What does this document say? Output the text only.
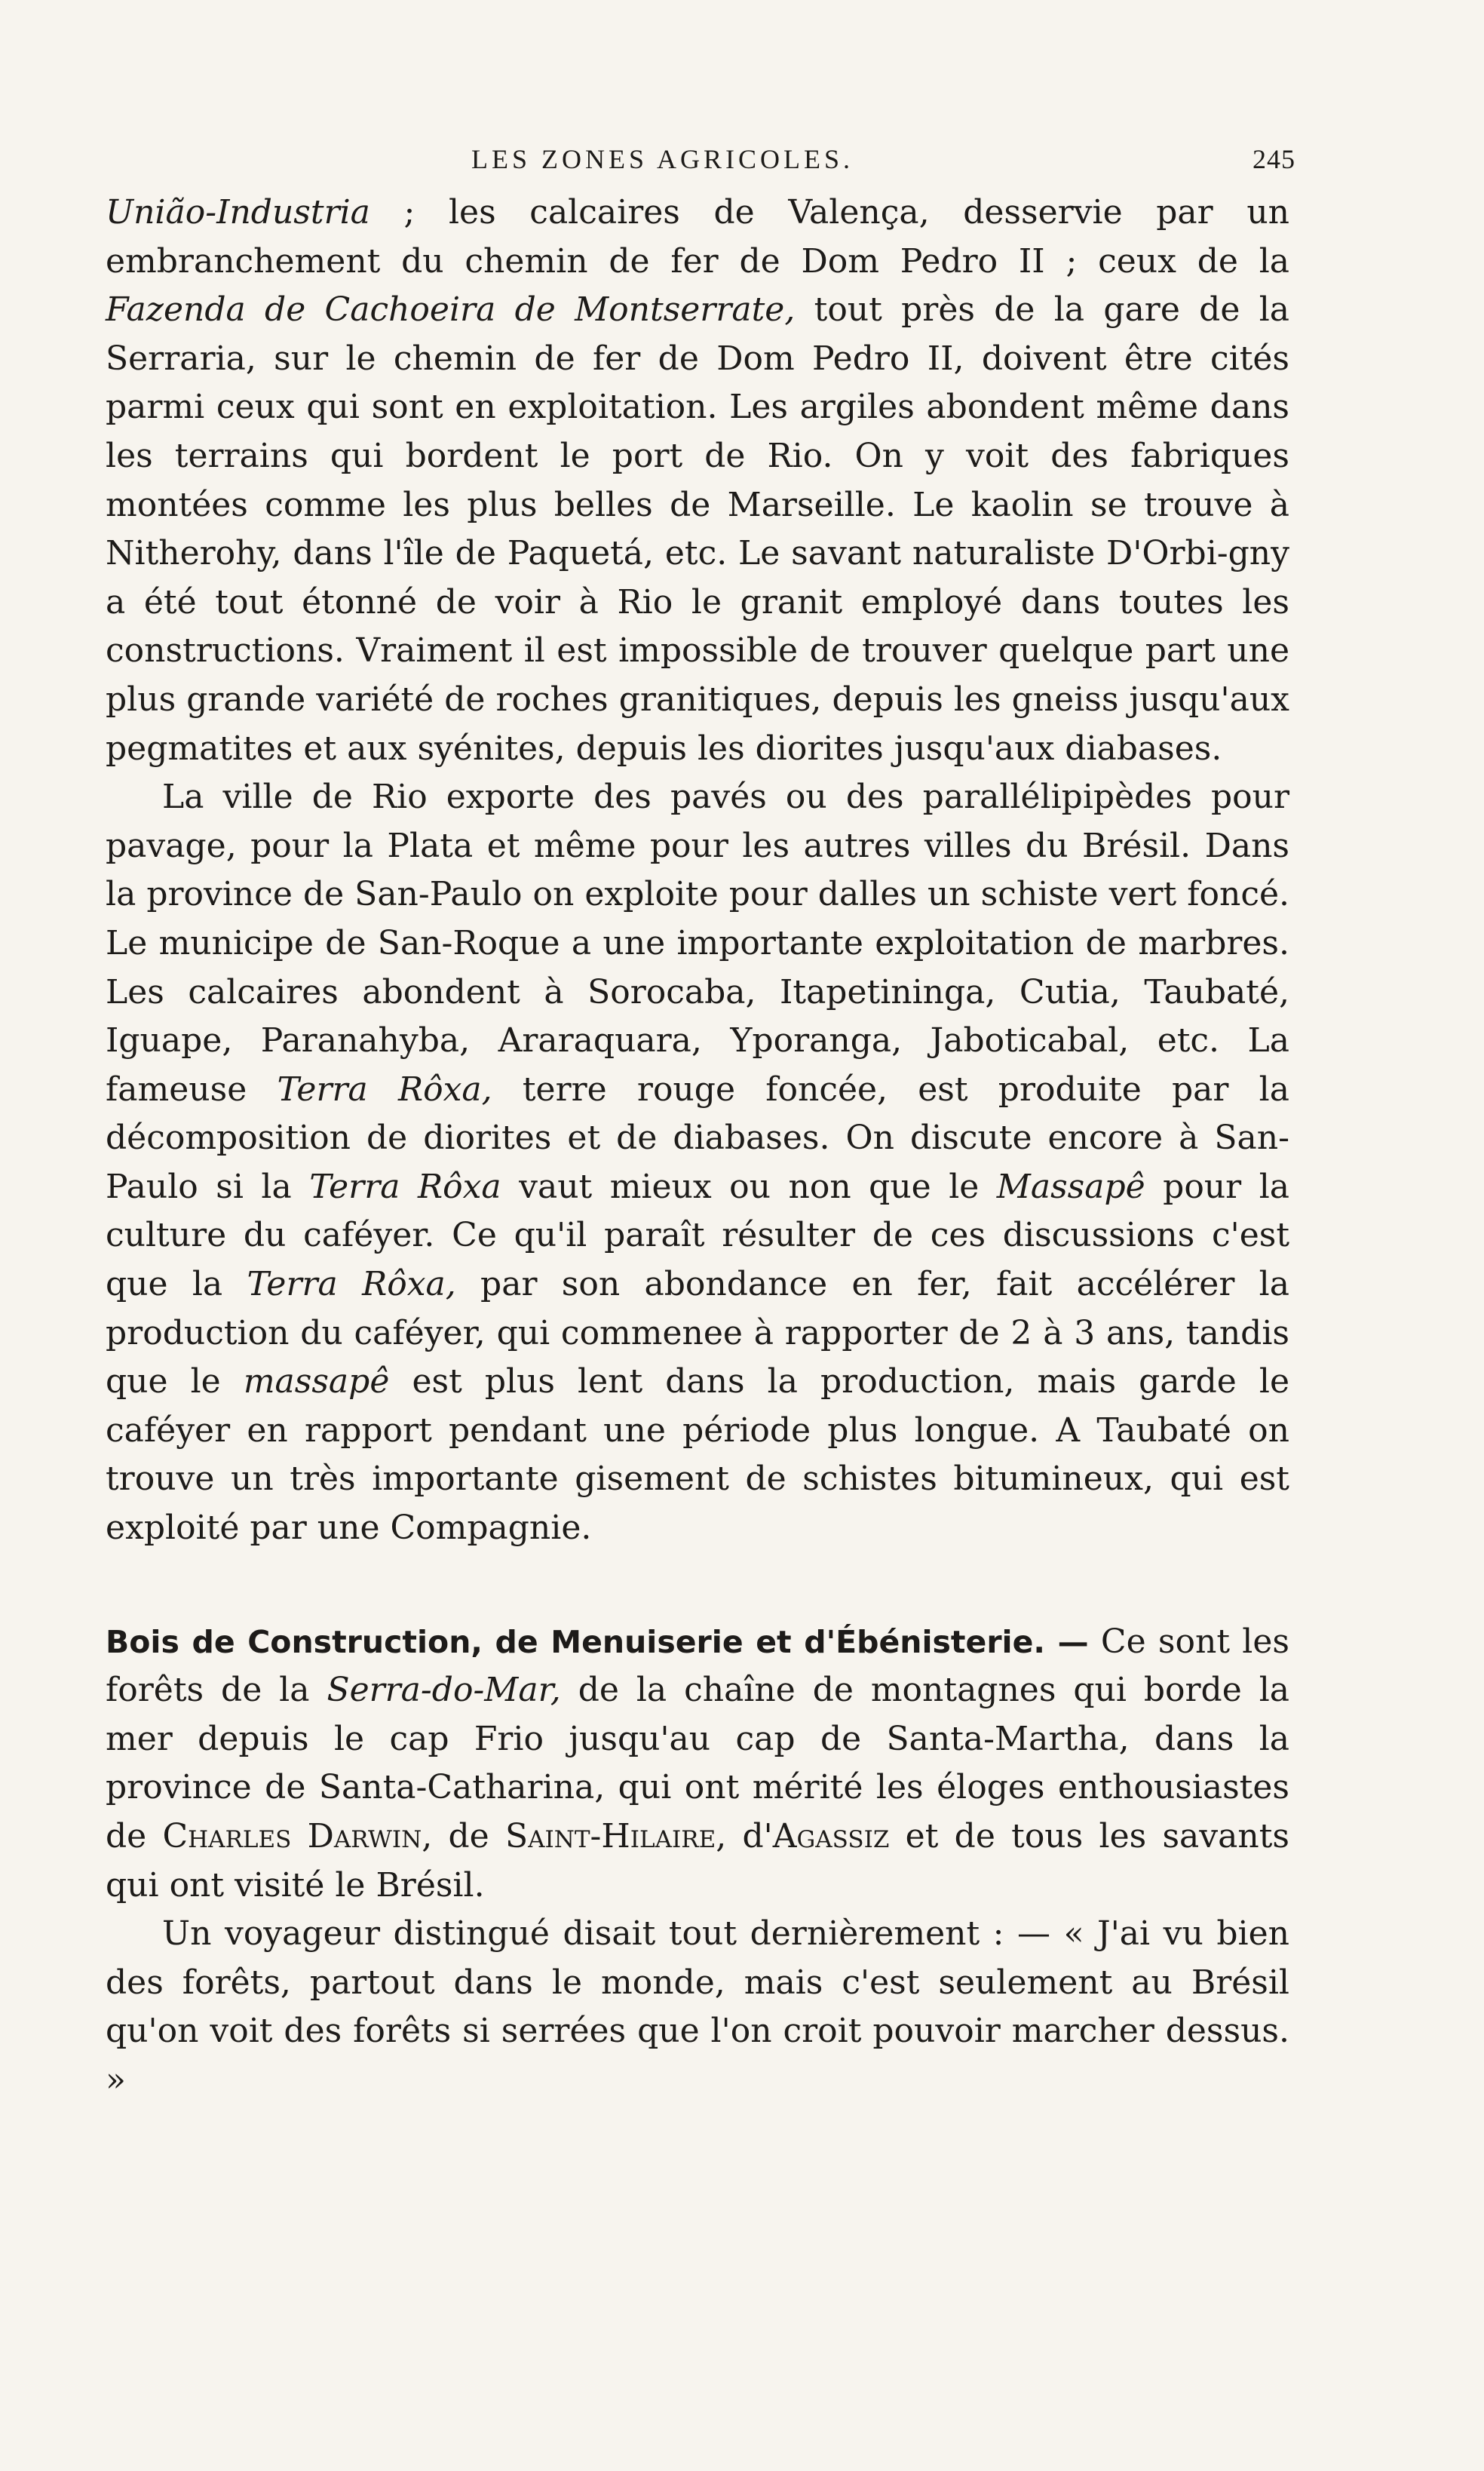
LES ZONES AGRICOLES.	245

União-Industria ; les calcaires de Valença, desservie par un embranchement du chemin de fer de Dom Pedro II ; ceux de la Fazenda de Cachoeira de Montserrate, tout près de la gare de la Serraria, sur le chemin de fer de Dom Pedro II, doivent être cités parmi ceux qui sont en exploitation. Les argiles abondent même dans les terrains qui bordent le port de Rio. On y voit des fabriques montées comme les plus belles de Marseille. Le kaolin se trouve à Nitherohy, dans l'île de Paquetá, etc. Le savant naturaliste D'Orbi-gny a été tout étonné de voir à Rio le granit employé dans toutes les constructions. Vraiment il est impossible de trouver quelque part une plus grande variété de roches granitiques, depuis les gneiss jusqu'aux pegmatites et aux syénites, depuis les diorites jusqu'aux diabases.

La ville de Rio exporte des pavés ou des parallélipipèdes pour pavage, pour la Plata et même pour les autres villes du Brésil. Dans la province de San-Paulo on exploite pour dalles un schiste vert foncé. Le municipe de San-Roque a une importante exploitation de marbres. Les calcaires abondent à Sorocaba, Itapetininga, Cutia, Taubaté, Iguape, Paranahyba, Araraquara, Yporanga, Jaboticabal, etc. La fameuse Terra Rôxa, terre rouge foncée, est produite par la décomposition de diorites et de diabases. On discute encore à San-Paulo si la Terra Rôxa vaut mieux ou non que le Massapê pour la culture du caféyer. Ce qu'il paraît résulter de ces discussions c'est que la Terra Rôxa, par son abondance en fer, fait accélérer la production du caféyer, qui commenee à rapporter de 2 à 3 ans, tandis que le massapê est plus lent dans la production, mais garde le caféyer en rapport pendant une période plus longue. A Taubaté on trouve un très importante gisement de schistes bitumineux, qui est exploité par une Compagnie.

Bois de Construction, de Menuiserie et d'Ébénisterie. — Ce sont les forêts de la Serra-do-Mar, de la chaîne de montagnes qui borde la mer depuis le cap Frio jusqu'au cap de Santa-Martha, dans la province de Santa-Catharina, qui ont mérité les éloges enthousiastes de Charles Darwin, de Saint-Hilaire, d'Agassiz et de tous les savants qui ont visité le Brésil.

Un voyageur distingué disait tout dernièrement : — « J'ai vu bien des forêts, partout dans le monde, mais c'est seulement au Brésil qu'on voit des forêts si serrées que l'on croit pouvoir marcher dessus. »
